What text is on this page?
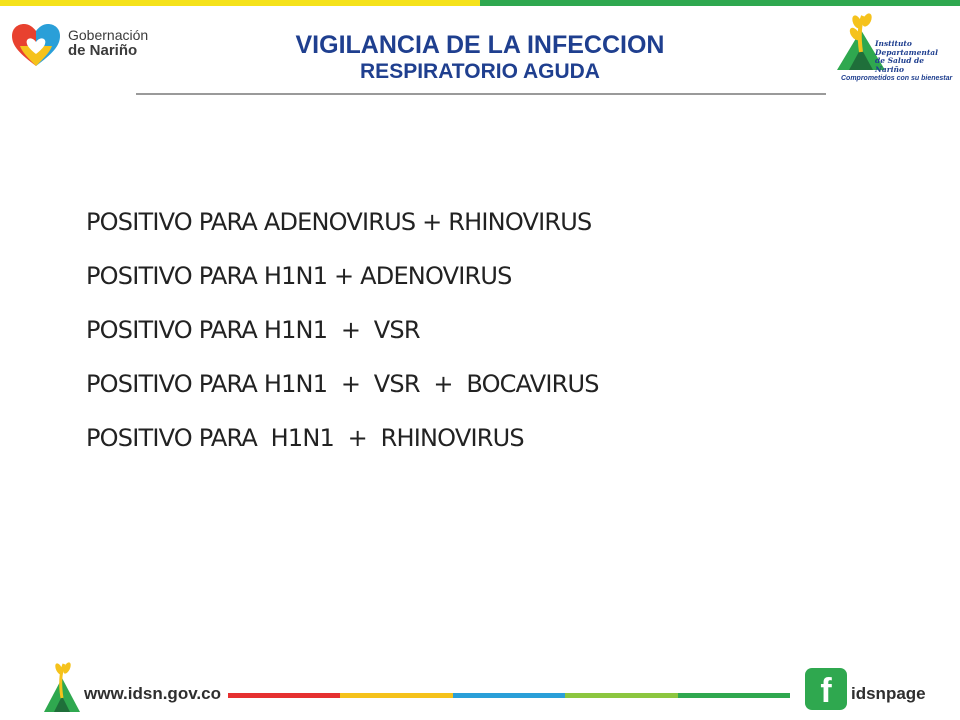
Gobernación
de Nariño	VIGILANCIA DE LA INFECCION
RESPIRATORIO AGUDA
Instituto
Departamental
de Salud de Nariño
Comprometidos con su bienestar
POSITIVO PARA ADENOVIRUS + RHINOVIRUS
POSITIVO PARA H1N1 + ADENOVIRUS
POSITIVO PARA H1N1  +  VSR
POSITIVO PARA H1N1  +  VSR  +  BOCAVIRUS
POSITIVO PARA  H1N1  +  RHINOVIRUS
www.idsn.gov.co	f	idsnpage
